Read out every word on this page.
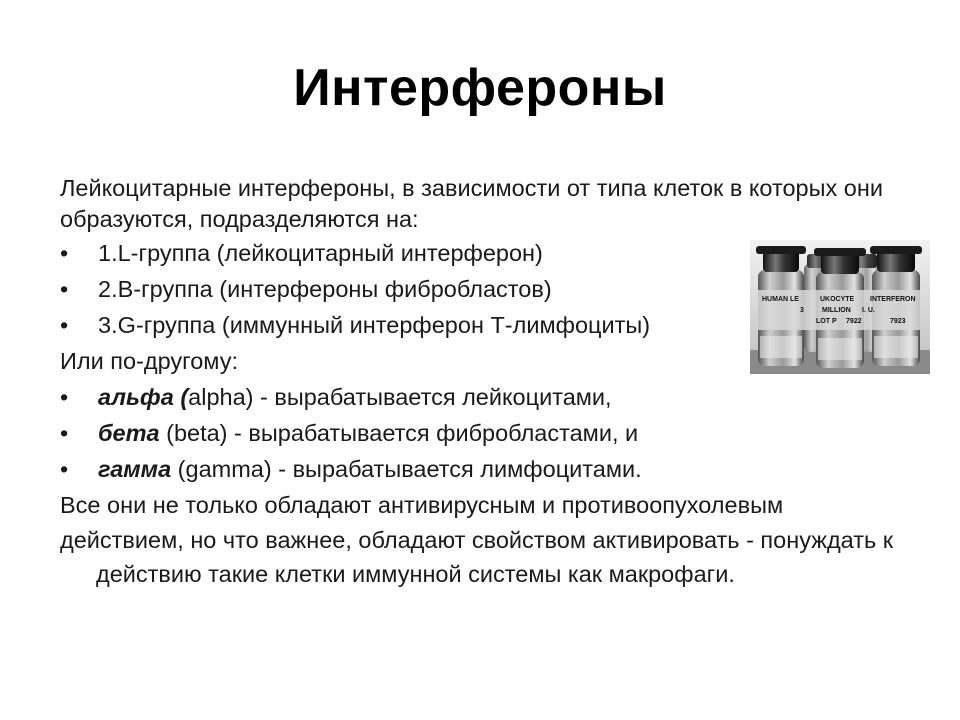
Интерфероны

Лейкоцитарные интерфероны, в зависимости от типа клеток в которых они образуются, подразделяются на:

• 1.L-группа (лейкоцитарный интерферон)
• 2.B-группа (интерфероны фибробластов)
• 3.G-группа (иммунный интерферон Т-лимфоциты)

Или по-другому:

• альфа (alpha) - вырабатывается лейкоцитами,
• бета (beta) - вырабатывается фибробластами, и
• гамма (gamma) - вырабатывается лимфоцитами.

Все они не только обладают антивирусным и противоопухолевым

действием, но что важнее, обладают свойством активировать - понуждать к действию такие клетки иммунной системы как макрофаги.

HUMAN LE	UKOCYTE INTERFERON
3	MILLION I. U.
LOT P 7922	7923
